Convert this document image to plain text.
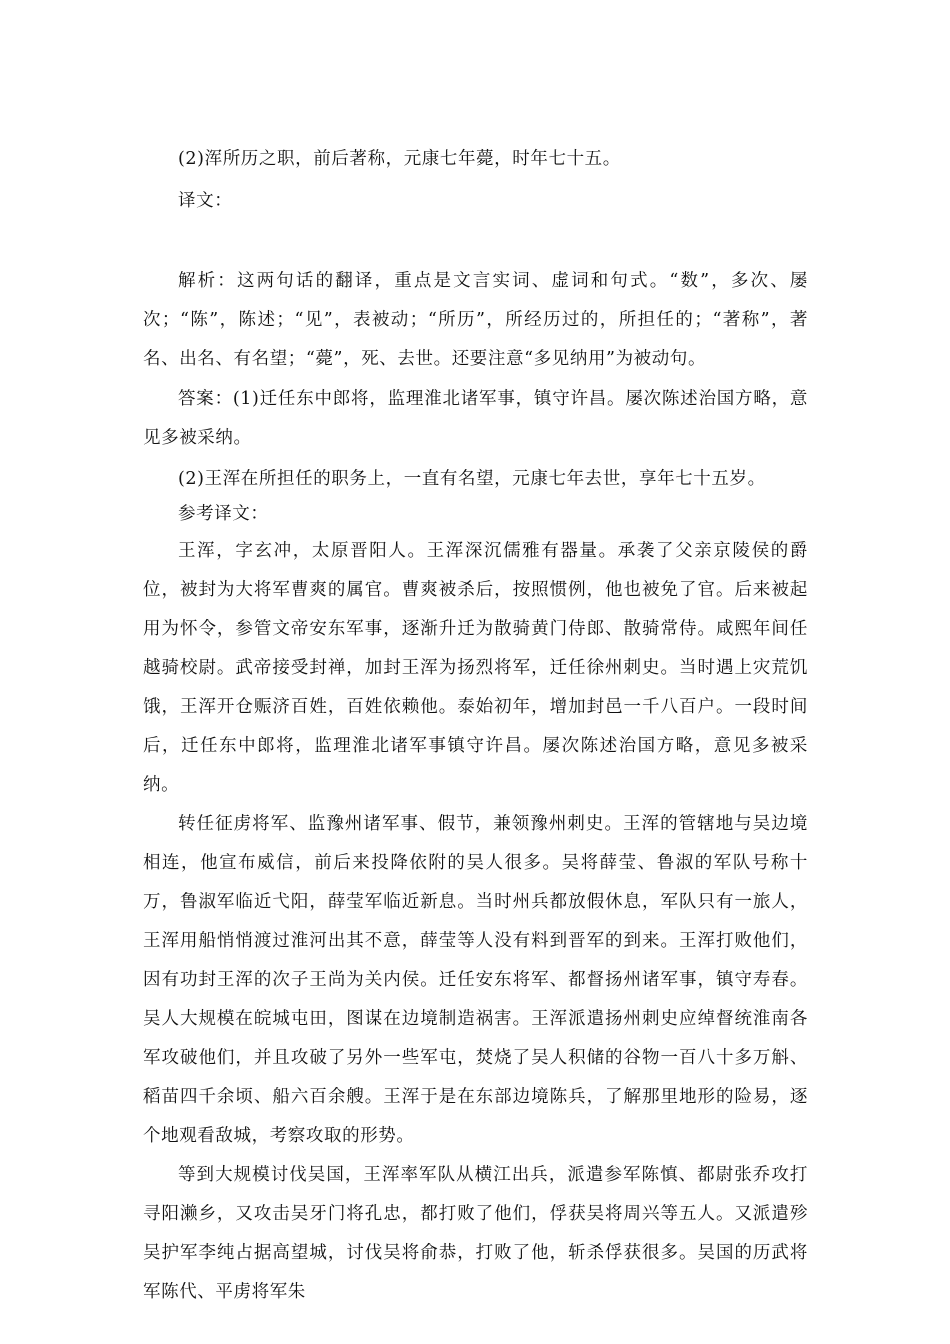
(2)浑所历之职，前后著称，元康七年薨，时年七十五。

译文：

解析：这两句话的翻译，重点是文言实词、虚词和句式。“数”，多次、屡次；“陈”，陈述；“见”，表被动；“所历”，所经历过的，所担任的；“著称”，著名、出名、有名望；“薨”，死、去世。还要注意“多见纳用”为被动句。

答案：(1)迁任东中郎将，监理淮北诸军事，镇守许昌。屡次陈述治国方略，意见多被采纳。

(2)王浑在所担任的职务上，一直有名望，元康七年去世，享年七十五岁。

参考译文：

王浑，字玄冲，太原晋阳人。王浑深沉儒雅有器量。承袭了父亲京陵侯的爵位，被封为大将军曹爽的属官。曹爽被杀后，按照惯例，他也被免了官。后来被起用为怀令，参管文帝安东军事，逐渐升迁为散骑黄门侍郎、散骑常侍。咸熙年间任越骑校尉。武帝接受封禅，加封王浑为扬烈将军，迁任徐州刺史。当时遇上灾荒饥饿，王浑开仓赈济百姓，百姓依赖他。泰始初年，增加封邑一千八百户。一段时间后，迁任东中郎将，监理淮北诸军事镇守许昌。屡次陈述治国方略，意见多被采纳。

转任征虏将军、监豫州诸军事、假节，兼领豫州刺史。王浑的管辖地与吴边境相连，他宣布威信，前后来投降依附的吴人很多。吴将薛莹、鲁淑的军队号称十万，鲁淑军临近弋阳，薛莹军临近新息。当时州兵都放假休息，军队只有一旅人，王浑用船悄悄渡过淮河出其不意，薛莹等人没有料到晋军的到来。王浑打败他们，因有功封王浑的次子王尚为关内侯。迁任安东将军、都督扬州诸军事，镇守寿春。吴人大规模在皖城屯田，图谋在边境制造祸害。王浑派遣扬州刺史应绰督统淮南各军攻破他们，并且攻破了另外一些军屯，焚烧了吴人积储的谷物一百八十多万斛、稻苗四千余顷、船六百余艘。王浑于是在东部边境陈兵，了解那里地形的险易，逐个地观看敌城，考察攻取的形势。

等到大规模讨伐吴国，王浑率军队从横江出兵，派遣参军陈慎、都尉张乔攻打寻阳濑乡，又攻击吴牙门将孔忠，都打败了他们，俘获吴将周兴等五人。又派遣殄吴护军李纯占据高望城，讨伐吴将俞恭，打败了他，斩杀俘获很多。吴国的历武将军陈代、平虏将军朱
